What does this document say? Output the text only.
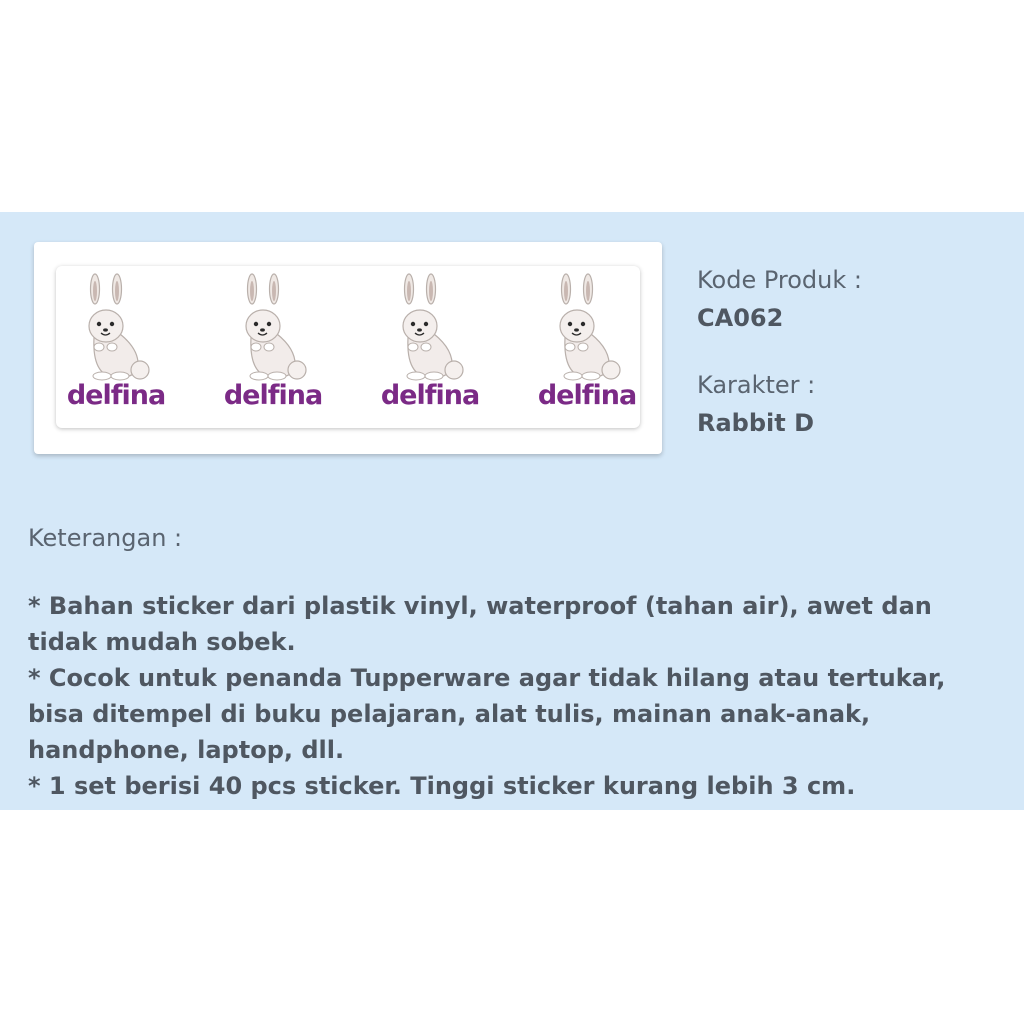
delfina	delfina	delfina	delfina
Kode Produk :
CA062
Karakter :
Rabbit D
Keterangan :

* Bahan sticker dari plastik vinyl, waterproof (tahan air), awet dan tidak mudah sobek.

* Cocok untuk penanda Tupperware agar tidak hilang atau tertukar, bisa ditempel di buku pelajaran, alat tulis, mainan anak-anak, handphone, laptop, dll.

* 1 set berisi 40 pcs sticker. Tinggi sticker kurang lebih 3 cm.
